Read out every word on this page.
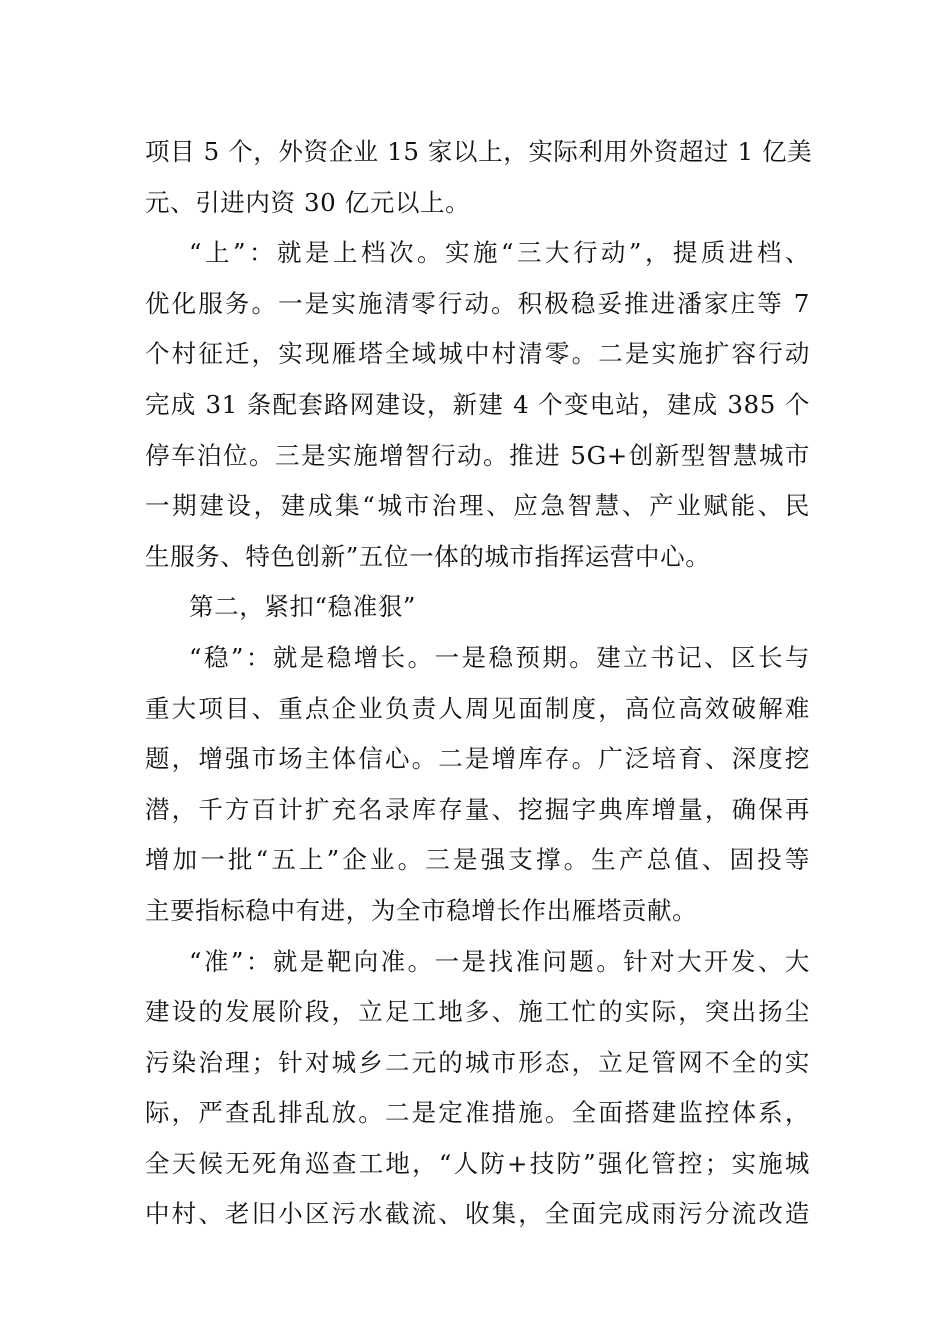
项目 5 个，外资企业 15 家以上，实际利用外资超过 1 亿美
元、引进内资 30 亿元以上。
“上”：就是上档次。实施“三大行动”，提质进档、
优化服务。一是实施清零行动。积极稳妥推进潘家庄等 7
个村征迁，实现雁塔全域城中村清零。二是实施扩容行动
完成 31 条配套路网建设，新建 4 个变电站，建成 385 个
停车泊位。三是实施增智行动。推进 5G+创新型智慧城市
一期建设，建成集“城市治理、应急智慧、产业赋能、民
生服务、特色创新”五位一体的城市指挥运营中心。
第二，紧扣“稳准狠”
“稳”：就是稳增长。一是稳预期。建立书记、区长与
重大项目、重点企业负责人周见面制度，高位高效破解难
题，增强市场主体信心。二是增库存。广泛培育、深度挖
潜，千方百计扩充名录库存量、挖掘字典库增量，确保再
增加一批“五上”企业。三是强支撑。生产总值、固投等
主要指标稳中有进，为全市稳增长作出雁塔贡献。
“准”：就是靶向准。一是找准问题。针对大开发、大
建设的发展阶段，立足工地多、施工忙的实际，突出扬尘
污染治理；针对城乡二元的城市形态，立足管网不全的实
际，严查乱排乱放。二是定准措施。全面搭建监控体系，
全天候无死角巡查工地，“人防+技防”强化管控；实施城
中村、老旧小区污水截流、收集，全面完成雨污分流改造
